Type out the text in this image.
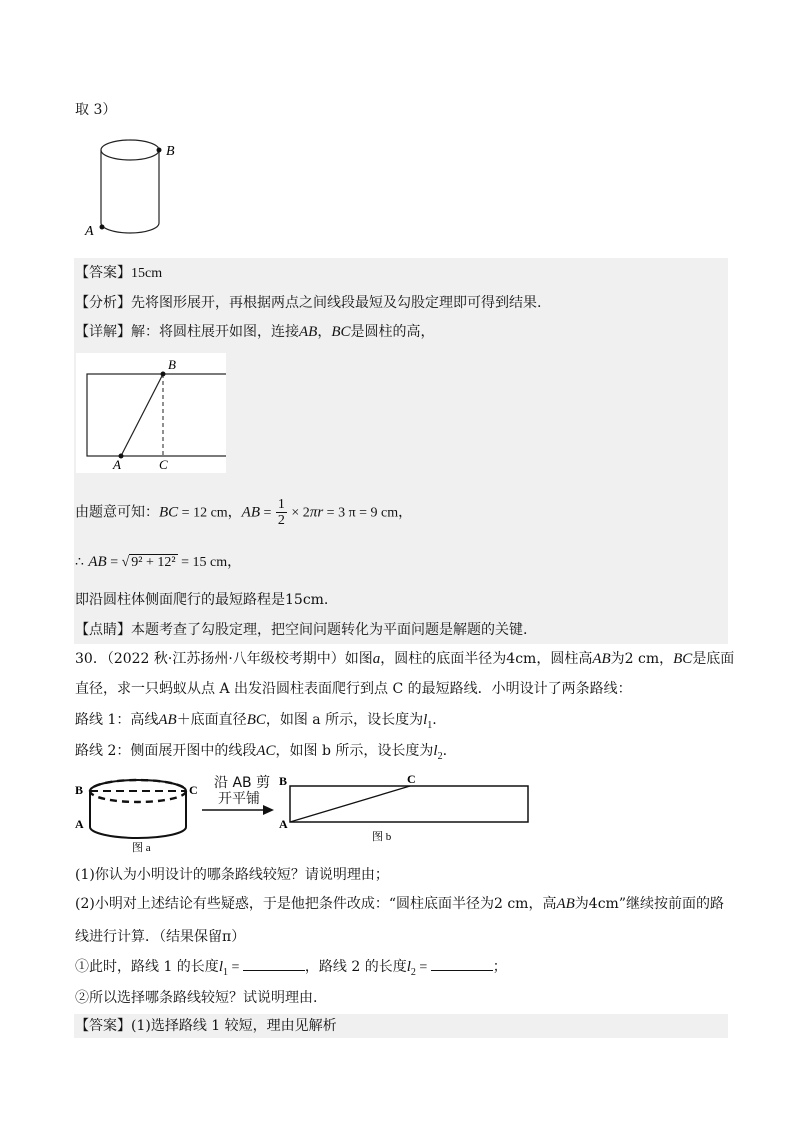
取 3）
B
A
【答案】15cm
【分析】先将图形展开，再根据两点之间线段最短及勾股定理即可得到结果.
【详解】解：将圆柱展开如图，连接AB，BC是圆柱的高，
B
A	C
由题意可知：BC = 12 cm，AB = $\frac{1}{2} \times 2\pi r = 3$ π = 9 cm，
∴ AB = √ 9² + 12² = 15 cm，
即沿圆柱体侧面爬行的最短路程是15cm.
【点睛】本题考查了勾股定理，把空间问题转化为平面问题是解题的关键.
30．（2022 秋·江苏扬州·八年级校考期中）如图a，圆柱的底面半径为4cm，圆柱高AB为2 cm，BC是底面
直径，求一只蚂蚁从点 A 出发沿圆柱表面爬行到点 C 的最短路线．小明设计了两条路线：
路线 1：高线AB＋底面直径BC，如图 a 所示，设长度为$l_1$.
路线 2：侧面展开图中的线段AC，如图 b 所示，设长度为$l_2$.
B	C
A
图 a
沿 AB 剪
开平铺
B	C
A
图 b
(1)你认为小明设计的哪条路线较短？请说明理由；
(2)小明对上述结论有些疑惑，于是他把条件改成：“圆柱底面半径为2 cm，高AB为4cm”继续按前面的路
线进行计算．（结果保留π）
①此时，路线 1 的长度$l_1$ =	，路线 2 的长度$l_2$ =	；
②所以选择哪条路线较短？试说明理由.
【答案】(1)选择路线 1 较短，理由见解析
